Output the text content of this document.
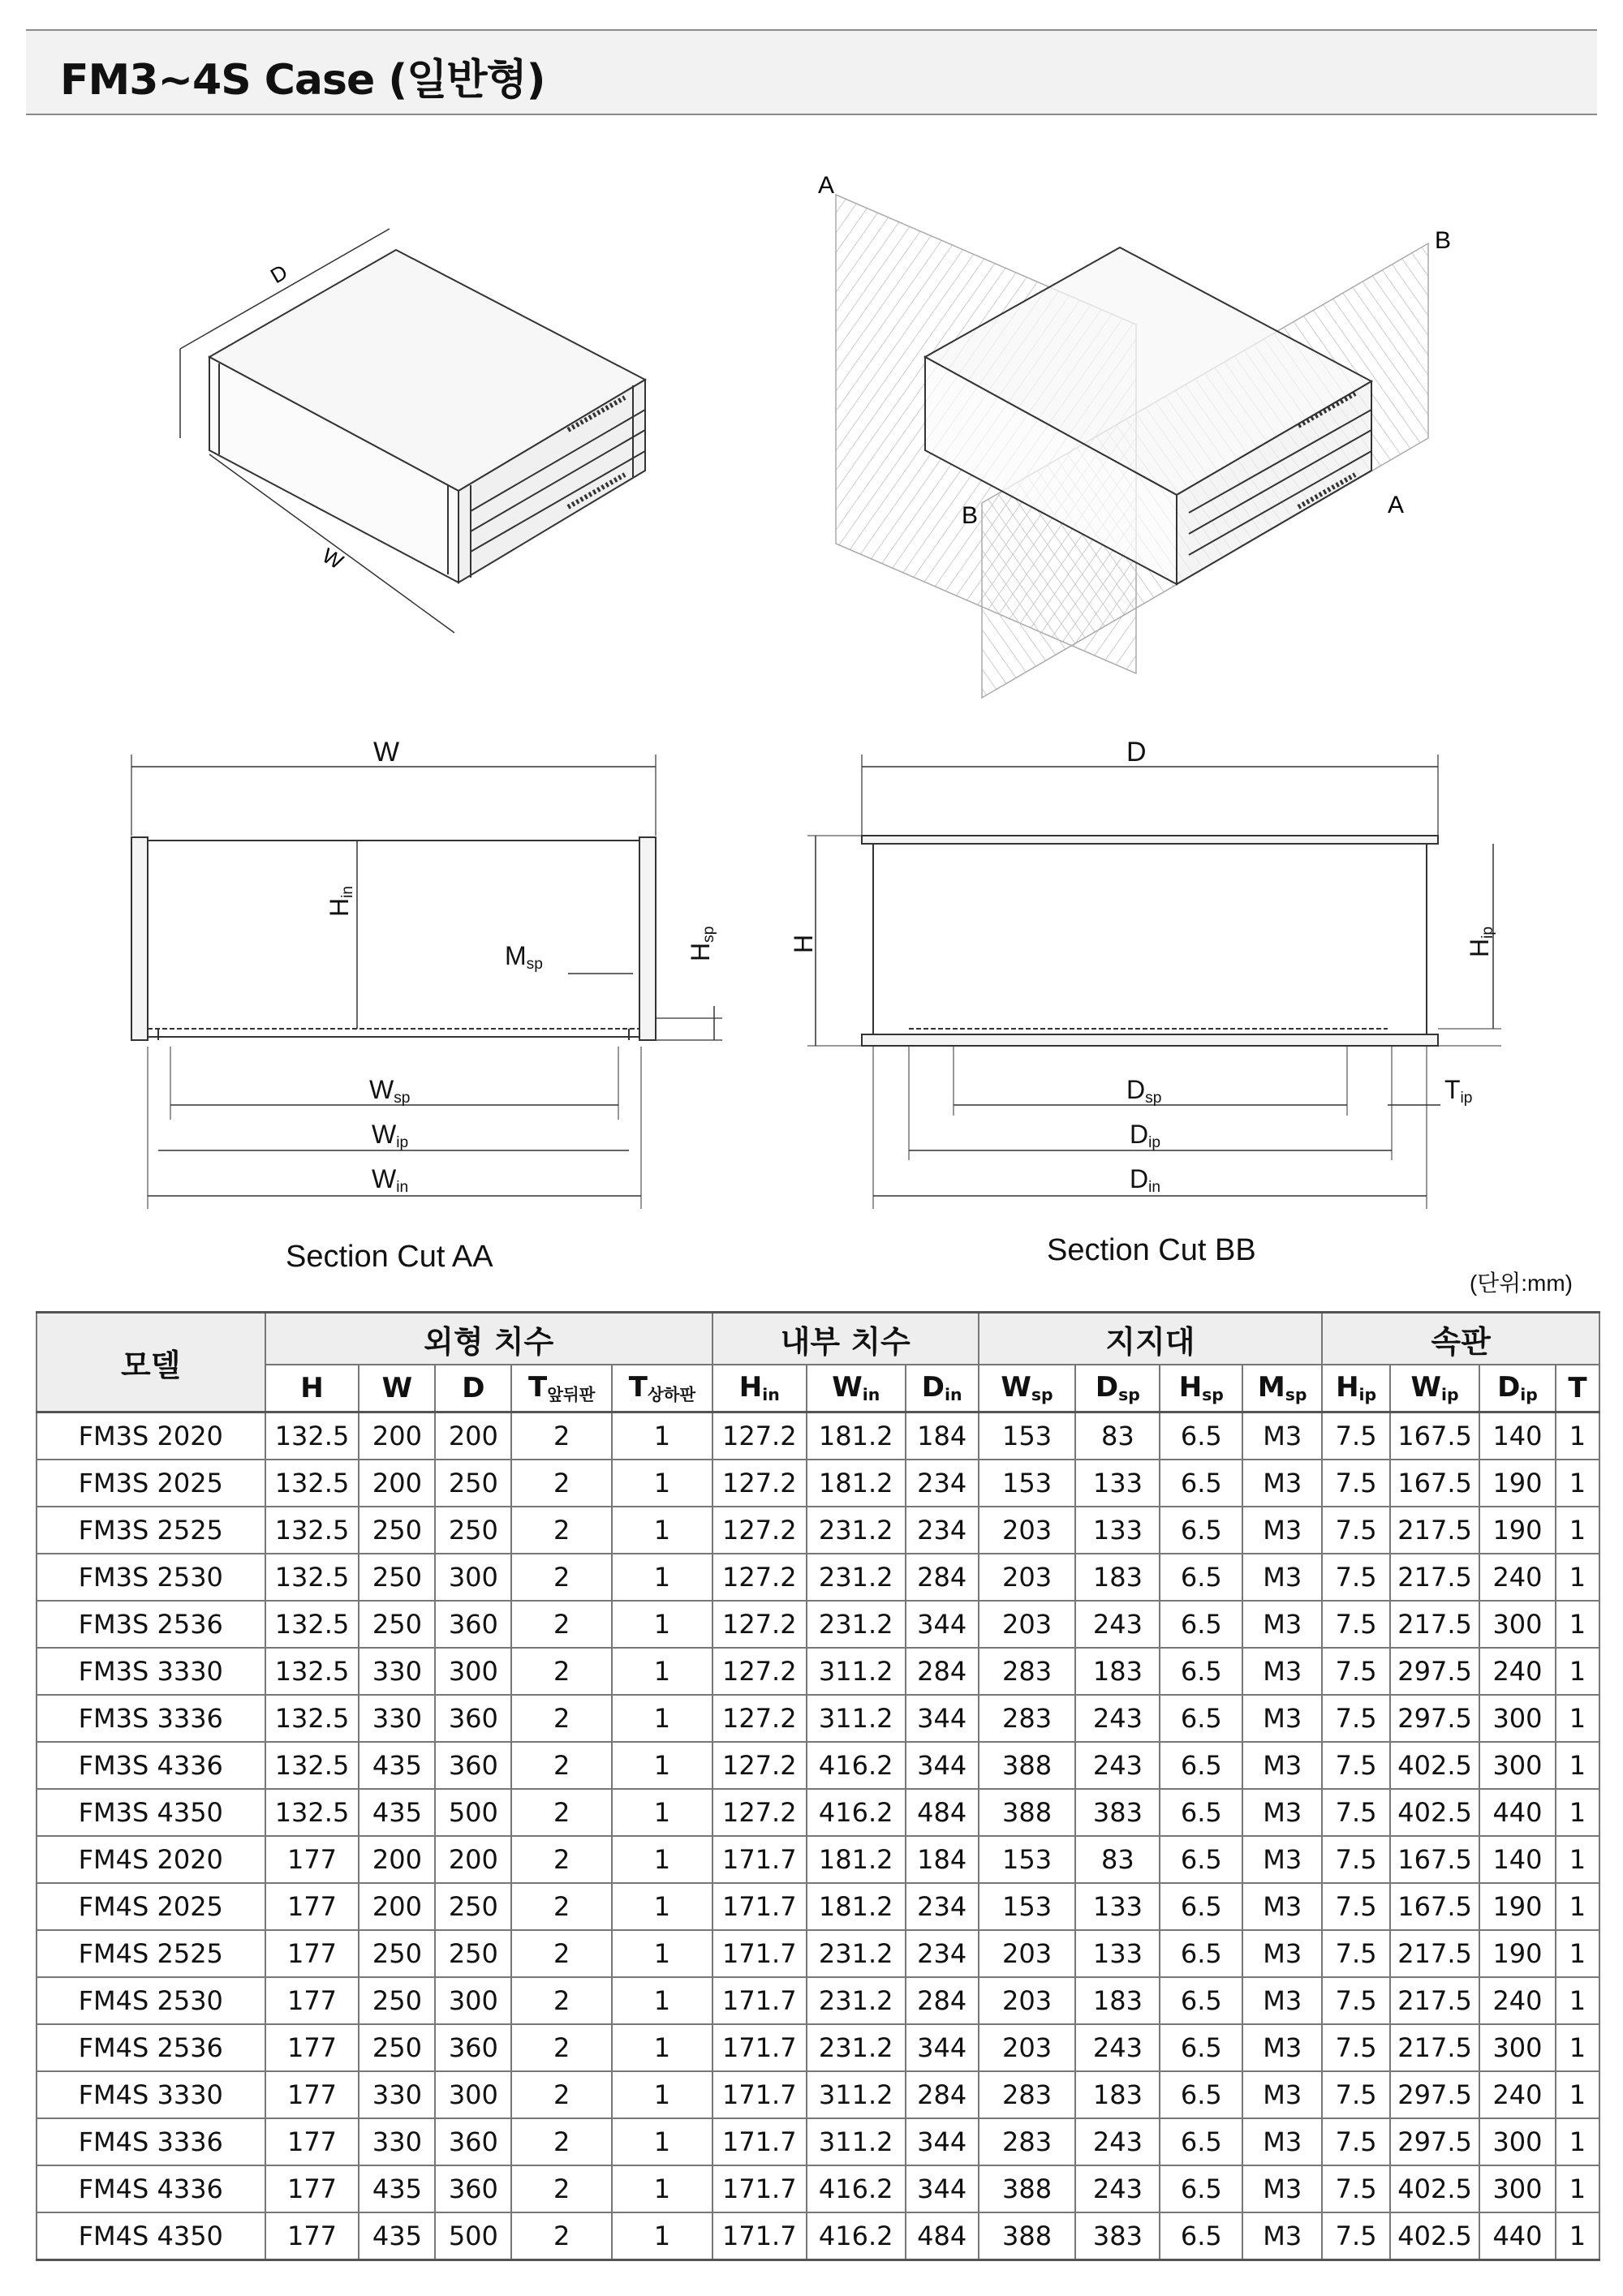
FM3~4S Case (일반형)
D
W
A
B
B	A
W
$H_{in}$
$M_{sp}$
$H_{sp}$
$W_{sp}$
$W_{ip}$
$W_{in}$
Section Cut AA
D
H	$H_{ip}$
$D_{sp}$	$T_{ip}$
$D_{ip}$
$D_{in}$
Section Cut BB
(단위:mm)
모델	외형 치수					내부 치수			지지대				속판			
	H	W	D	$T_{앞뒤판}$	$T_{상하판}$	$H_{in}$	$W_{in}$	$D_{in}$	$W_{sp}$	$D_{sp}$	$H_{sp}$	$M_{sp}$	$H_{ip}$	$W_{ip}$	$D_{ip}$	T
FM3S 2020	132.5	200	200	2	1	127.2	181.2	184	153	83	6.5	M3	7.5	167.5	140	1
FM3S 2025	132.5	200	250	2	1	127.2	181.2	234	153	133	6.5	M3	7.5	167.5	190	1
FM3S 2525	132.5	250	250	2	1	127.2	231.2	234	203	133	6.5	M3	7.5	217.5	190	1
FM3S 2530	132.5	250	300	2	1	127.2	231.2	284	203	183	6.5	M3	7.5	217.5	240	1
FM3S 2536	132.5	250	360	2	1	127.2	231.2	344	203	243	6.5	M3	7.5	217.5	300	1
FM3S 3330	132.5	330	300	2	1	127.2	311.2	284	283	183	6.5	M3	7.5	297.5	240	1
FM3S 3336	132.5	330	360	2	1	127.2	311.2	344	283	243	6.5	M3	7.5	297.5	300	1
FM3S 4336	132.5	435	360	2	1	127.2	416.2	344	388	243	6.5	M3	7.5	402.5	300	1
FM3S 4350	132.5	435	500	2	1	127.2	416.2	484	388	383	6.5	M3	7.5	402.5	440	1
FM4S 2020	177	200	200	2	1	171.7	181.2	184	153	83	6.5	M3	7.5	167.5	140	1
FM4S 2025	177	200	250	2	1	171.7	181.2	234	153	133	6.5	M3	7.5	167.5	190	1
FM4S 2525	177	250	250	2	1	171.7	231.2	234	203	133	6.5	M3	7.5	217.5	190	1
FM4S 2530	177	250	300	2	1	171.7	231.2	284	203	183	6.5	M3	7.5	217.5	240	1
FM4S 2536	177	250	360	2	1	171.7	231.2	344	203	243	6.5	M3	7.5	217.5	300	1
FM4S 3330	177	330	300	2	1	171.7	311.2	284	283	183	6.5	M3	7.5	297.5	240	1
FM4S 3336	177	330	360	2	1	171.7	311.2	344	283	243	6.5	M3	7.5	297.5	300	1
FM4S 4336	177	435	360	2	1	171.7	416.2	344	388	243	6.5	M3	7.5	402.5	300	1
FM4S 4350	177	435	500	2	1	171.7	416.2	484	388	383	6.5	M3	7.5	402.5	440	1
